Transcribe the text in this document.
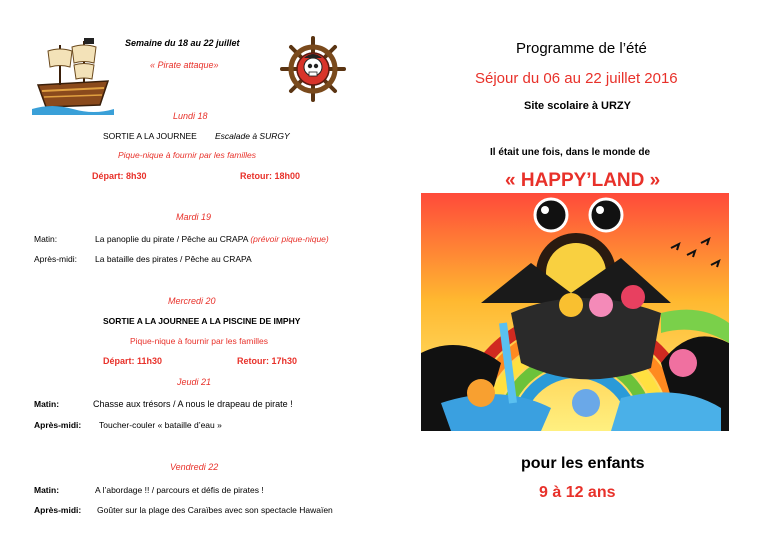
Semaine du 18 au 22 juillet
« Pirate attaque»
Lundi 18
SORTIE A LA JOURNEE Escalade à SURGY
Pique-nique à fournir par les familles
Départ: 8h30	Retour: 18h00
Mardi 19
Matin:	La panoplie du pirate / Pêche au CRAPA (prévoir pique-nique)
Après-midi: La bataille des pirates / Pêche au CRAPA
Mercredi 20
SORTIE A LA JOURNEE A LA PISCINE DE IMPHY
Pique-nique à fournir par les familles
Départ: 11h30	Retour: 17h30
Jeudi 21
Matin:	Chasse aux trésors / A nous le drapeau de pirate !
Après-midi: Toucher-couler « bataille d’eau »
Vendredi 22
Matin:	A l’abordage !! / parcours et défis de pirates !
Après-midi: Goûter sur la plage des Caraïbes avec son spectacle Hawaïen
Programme de l’été
Séjour du 06 au 22 juillet 2016
Site scolaire à URZY
Il était une fois, dans le monde de
« HAPPY’LAND »
pour les enfants
9 à 12 ans
